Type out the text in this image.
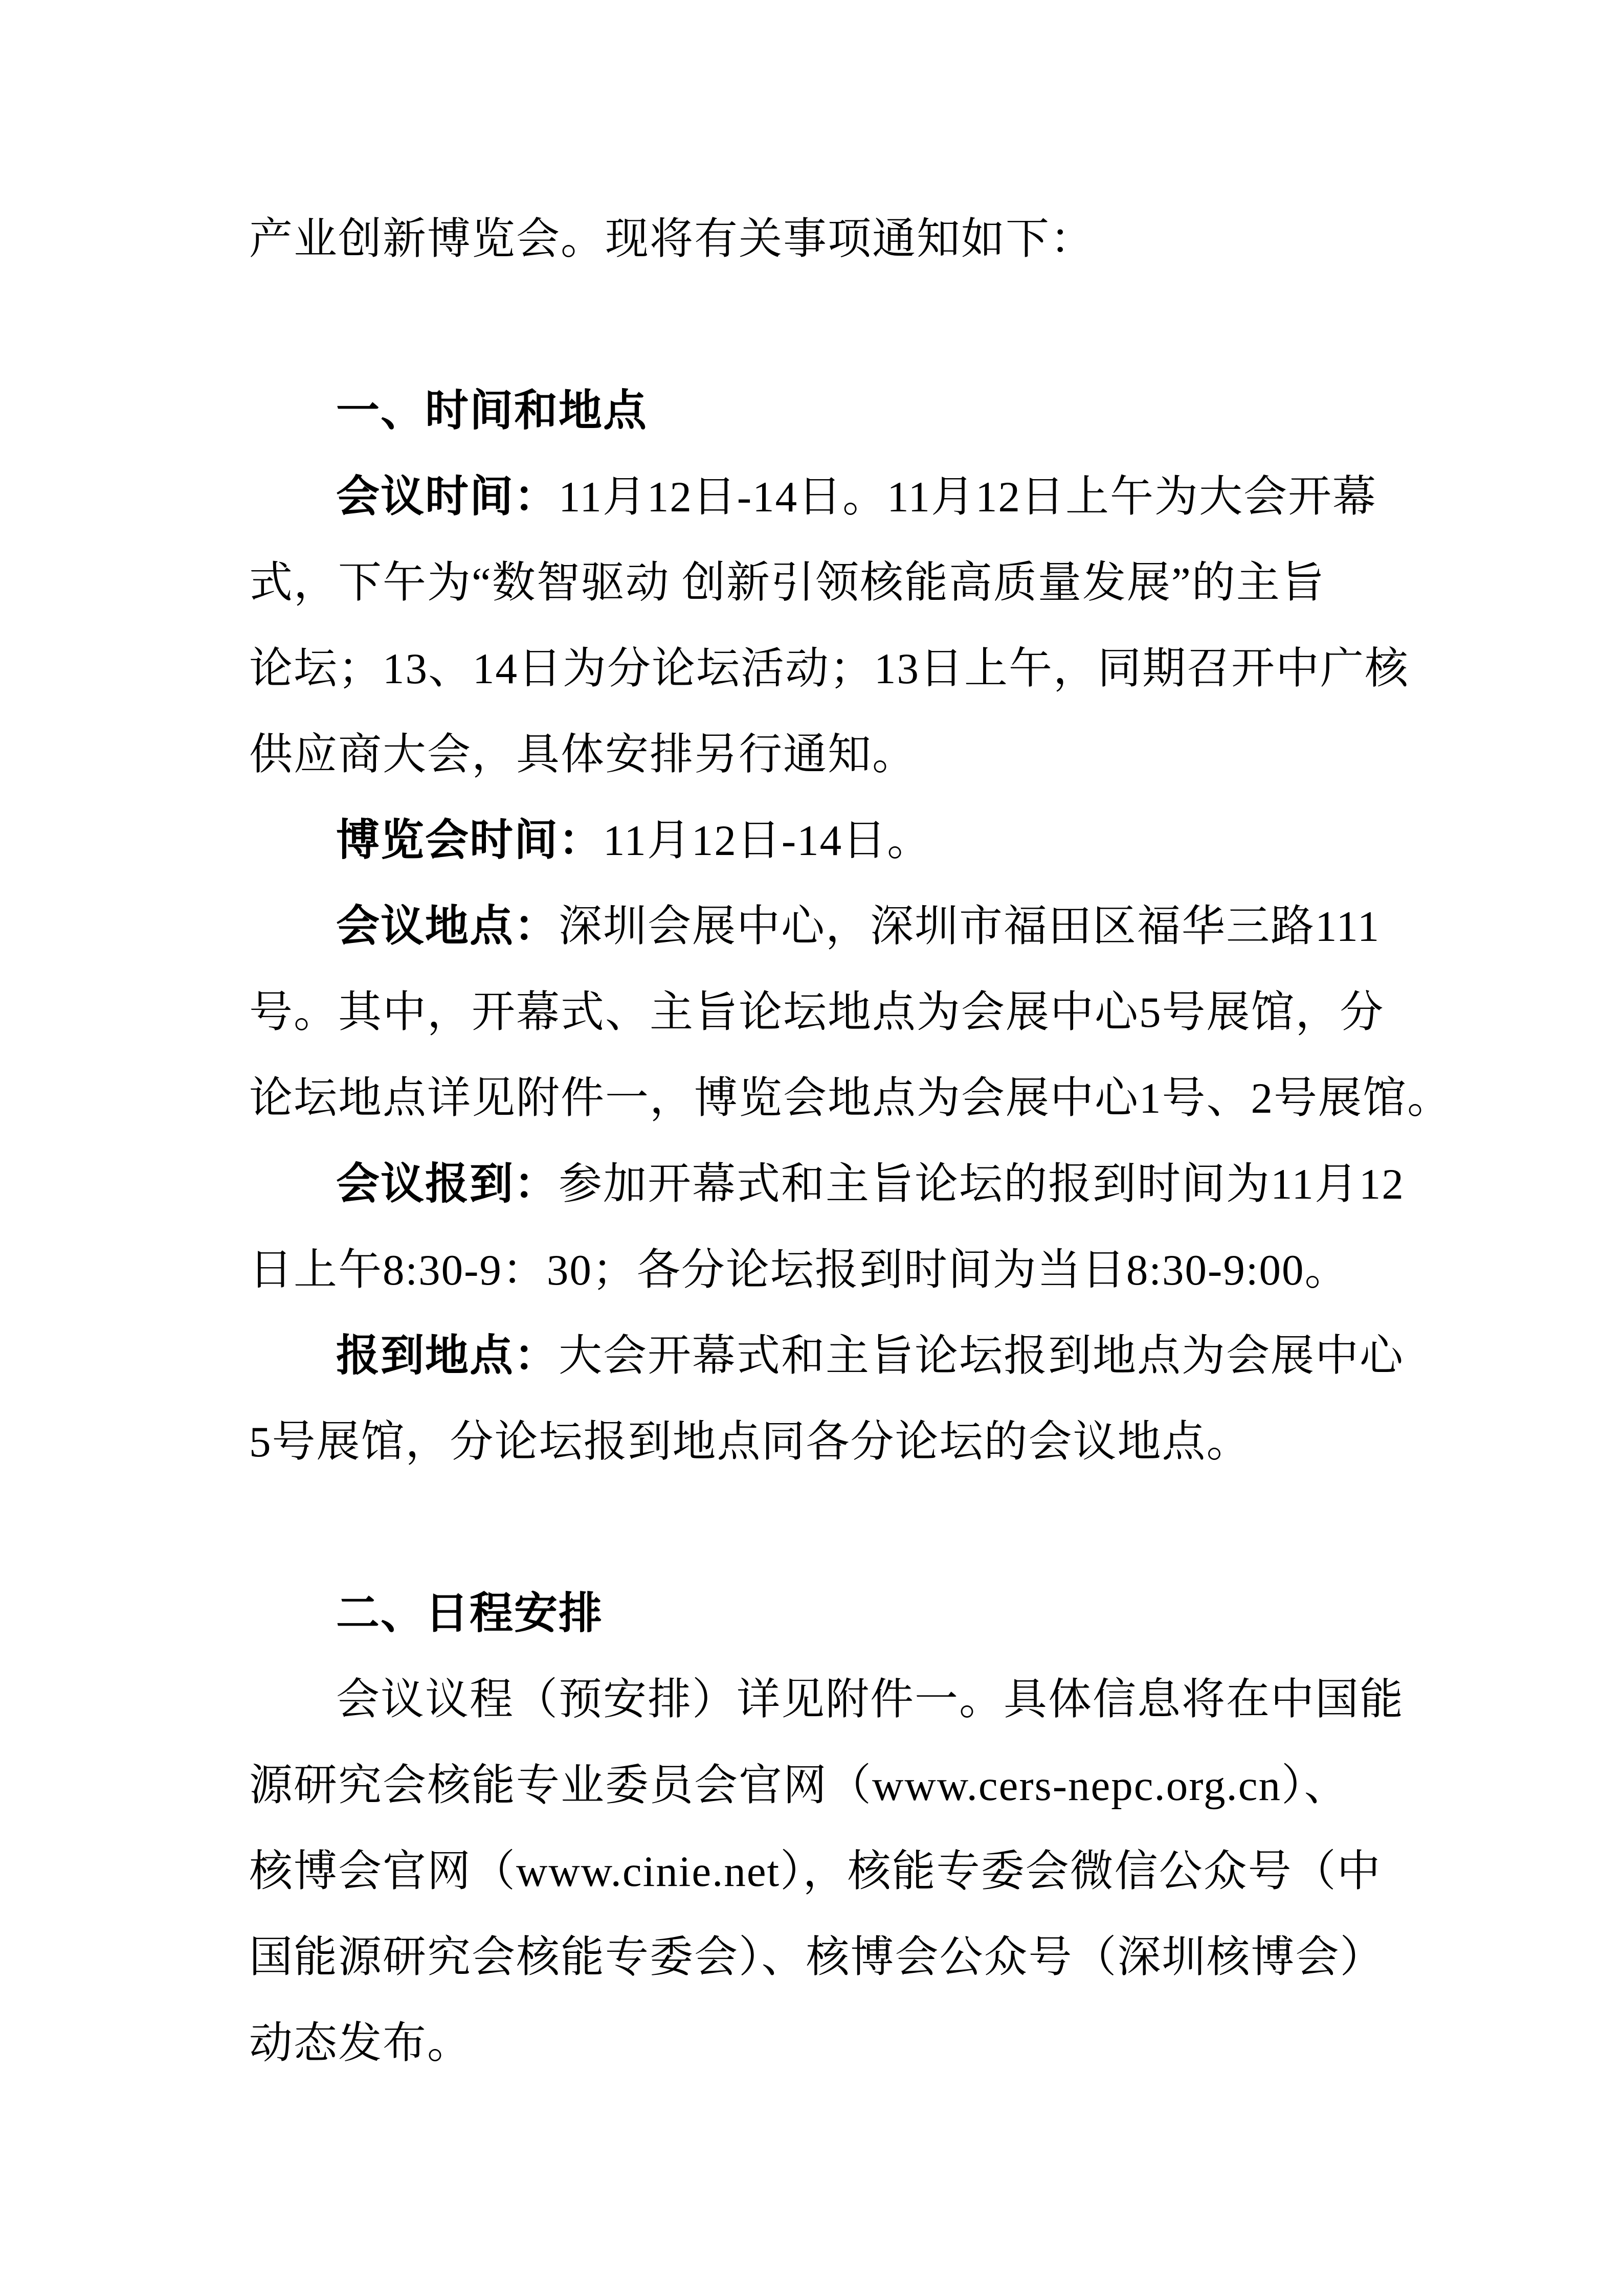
产业创新博览会。现将有关事项通知如下：
一、时间和地点
会议时间：11月12日-14日。11月12日上午为大会开幕
式，下午为“数智驱动 创新引领核能高质量发展”的主旨
论坛；13、14日为分论坛活动；13日上午，同期召开中广核
供应商大会，具体安排另行通知。
博览会时间：11月12日-14日。
会议地点：深圳会展中心，深圳市福田区福华三路111
号。其中，开幕式、主旨论坛地点为会展中心5号展馆，分
论坛地点详见附件一，博览会地点为会展中心1号、2号展馆。
会议报到：参加开幕式和主旨论坛的报到时间为11月12
日上午8:30-9：30；各分论坛报到时间为当日8:30-9:00。
报到地点：大会开幕式和主旨论坛报到地点为会展中心
5号展馆，分论坛报到地点同各分论坛的会议地点。
二、日程安排
会议议程（预安排）详见附件一。具体信息将在中国能
源研究会核能专业委员会官网（www.cers-nepc.org.cn）、
核博会官网（www.cinie.net），核能专委会微信公众号（中
国能源研究会核能专委会）、核博会公众号（深圳核博会）
动态发布。
